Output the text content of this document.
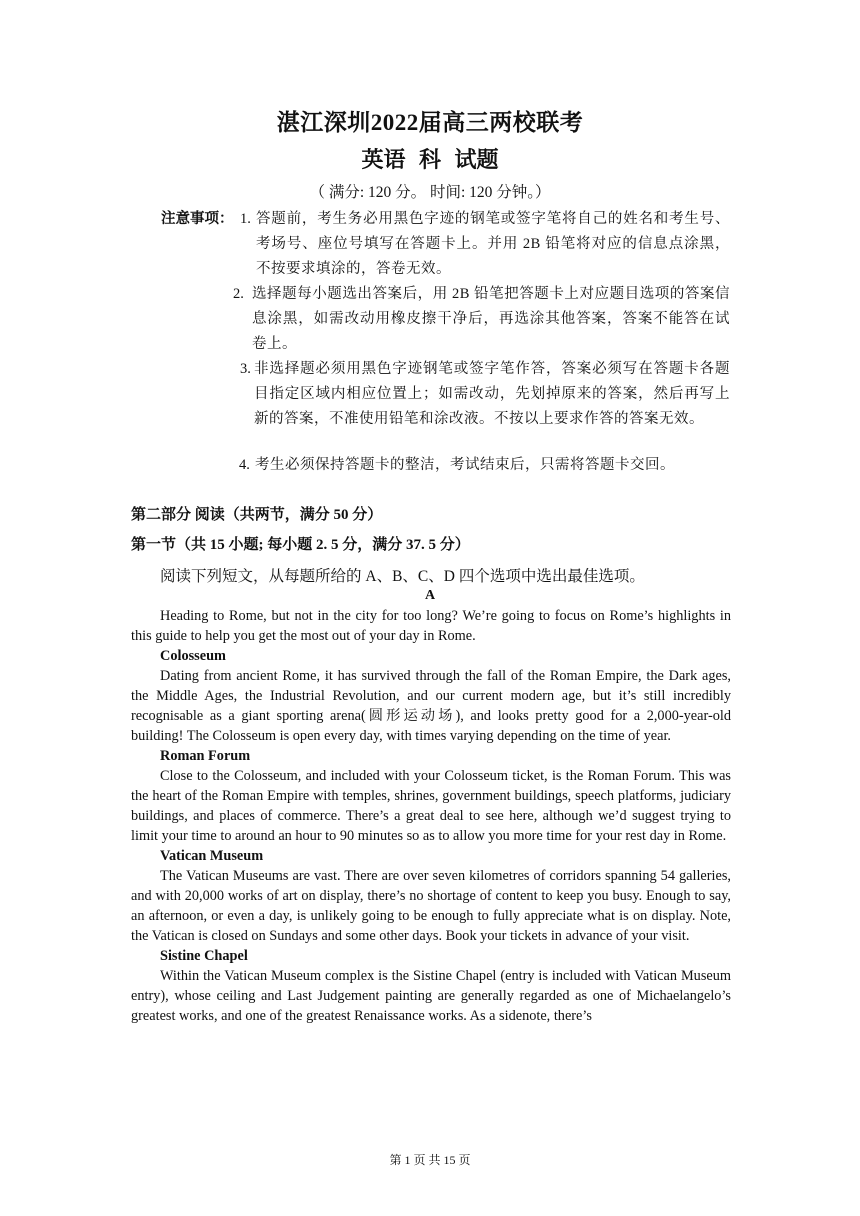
湛江深圳2022届高三两校联考
英语 科 试题
（ 满分: 120 分。 时间: 120 分钟。）
注意事项： 1. 答题前，考生务必用黑色字迹的钢笔或签字笔将自己的姓名和考生号、考场号、座位号填写在答题卡上。并用 2B 铅笔将对应的信息点涂黑，不按要求填涂的，答卷无效。
2. 选择题每小题选出答案后，用 2B 铅笔把答题卡上对应题目选项的答案信息涂黑，如需改动用橡皮擦干净后，再选涂其他答案，答案不能答在试卷上。
3. 非选择题必须用黑色字迹钢笔或签字笔作答，答案必须写在答题卡各题目指定区域内相应位置上；如需改动，先划掉原来的答案，然后再写上新的答案，不准使用铅笔和涂改液。不按以上要求作答的答案无效。
4. 考生必须保持答题卡的整洁，考试结束后，只需将答题卡交回。
第二部分 阅读（共两节，满分 50 分）
第一节（共 15 小题; 每小题 2. 5 分，满分 37. 5 分）
阅读下列短文，从每题所给的 A、B、C、D 四个选项中选出最佳选项。
A

Heading to Rome, but not in the city for too long? We’re going to focus on Rome’s highlights in this guide to help you get the most out of your day in Rome.

Colosseum

Dating from ancient Rome, it has survived through the fall of the Roman Empire, the Dark ages, the Middle Ages, the Industrial Revolution, and our current modern age, but it’s still incredibly recognisable as a giant sporting arena(圆形运动场), and looks pretty good for a 2,000-year-old building! The Colosseum is open every day, with times varying depending on the time of year.

Roman Forum

Close to the Colosseum, and included with your Colosseum ticket, is the Roman Forum. This was the heart of the Roman Empire with temples, shrines, government buildings, speech platforms, judiciary buildings, and places of commerce. There’s a great deal to see here, although we’d suggest trying to limit your time to around an hour to 90 minutes so as to allow you more time for your rest day in Rome.

Vatican Museum

The Vatican Museums are vast. There are over seven kilometres of corridors spanning 54 galleries, and with 20,000 works of art on display, there’s no shortage of content to keep you busy. Enough to say, an afternoon, or even a day, is unlikely going to be enough to fully appreciate what is on display. Note, the Vatican is closed on Sundays and some other days. Book your tickets in advance of your visit.

Sistine Chapel

Within the Vatican Museum complex is the Sistine Chapel (entry is included with Vatican Museum entry), whose ceiling and Last Judgement painting are generally regarded as one of Michaelangelo’s greatest works, and one of the greatest Renaissance works. As a sidenote, there’s

第 1 页 共 15 页
